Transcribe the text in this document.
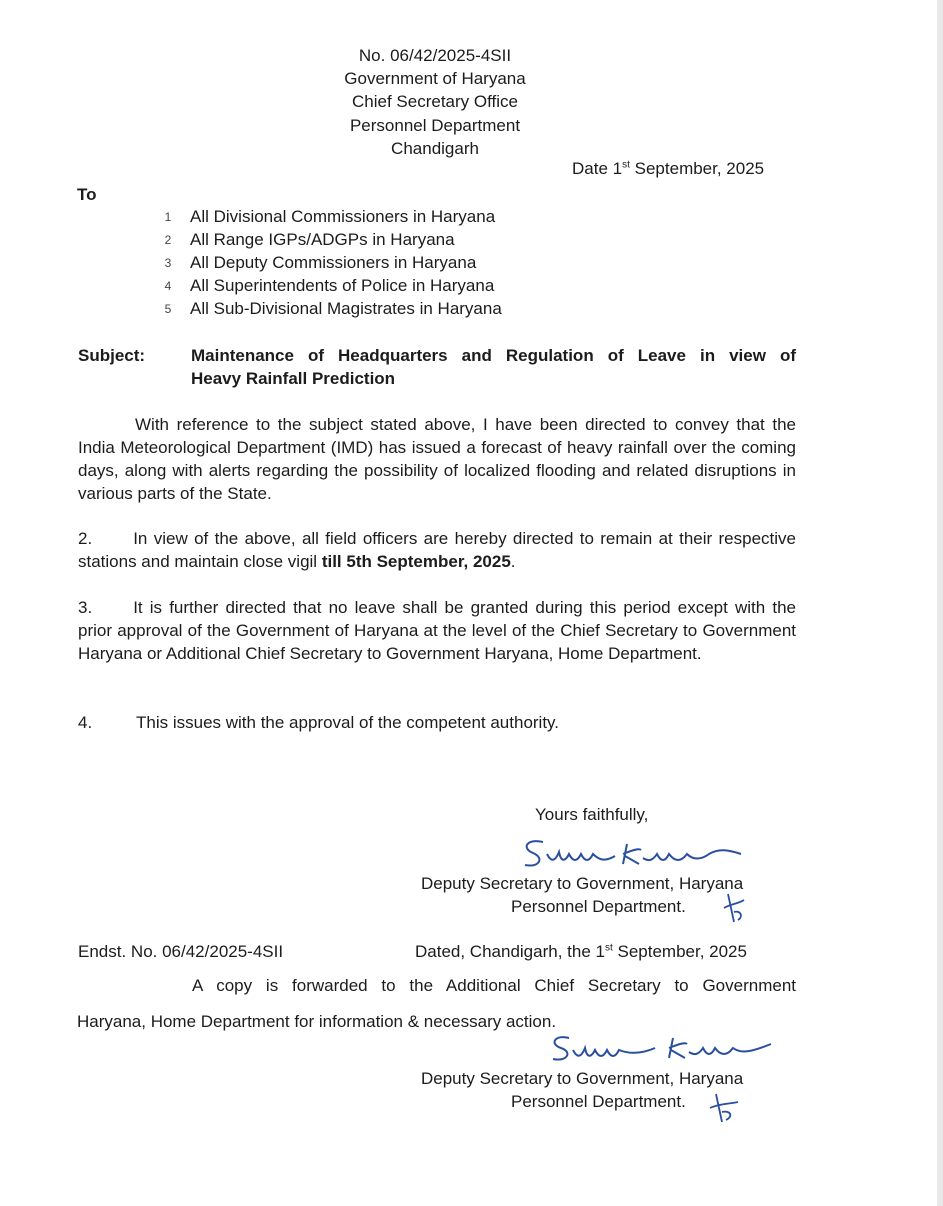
No. 06/42/2025-4SII
Government of Haryana
Chief Secretary Office
Personnel Department
Chandigarh
Date 1st September, 2025
To
1 All Divisional Commissioners in Haryana
2 All Range IGPs/ADGPs in Haryana
3 All Deputy Commissioners in Haryana
4 All Superintendents of Police in Haryana
5 All Sub-Divisional Magistrates in Haryana
Subject:	Maintenance of Headquarters and Regulation of Leave in view of
Heavy Rainfall Prediction
With reference to the subject stated above, I have been directed to convey that the India Meteorological Department (IMD) has issued a forecast of heavy rainfall over the coming days, along with alerts regarding the possibility of localized flooding and related disruptions in various parts of the State.
2. In view of the above, all field officers are hereby directed to remain at their respective stations and maintain close vigil till 5th September, 2025.
3. It is further directed that no leave shall be granted during this period except with the prior approval of the Government of Haryana at the level of the Chief Secretary to Government Haryana or Additional Chief Secretary to Government Haryana, Home Department.
4.	This issues with the approval of the competent authority.
Yours faithfully,
Deputy Secretary to Government, Haryana
Personnel Department.
Endst. No. 06/42/2025-4SII	Dated, Chandigarh, the 1st September, 2025
A copy is forwarded to the Additional Chief Secretary to Government
Haryana, Home Department for information & necessary action.
Deputy Secretary to Government, Haryana
Personnel Department.
